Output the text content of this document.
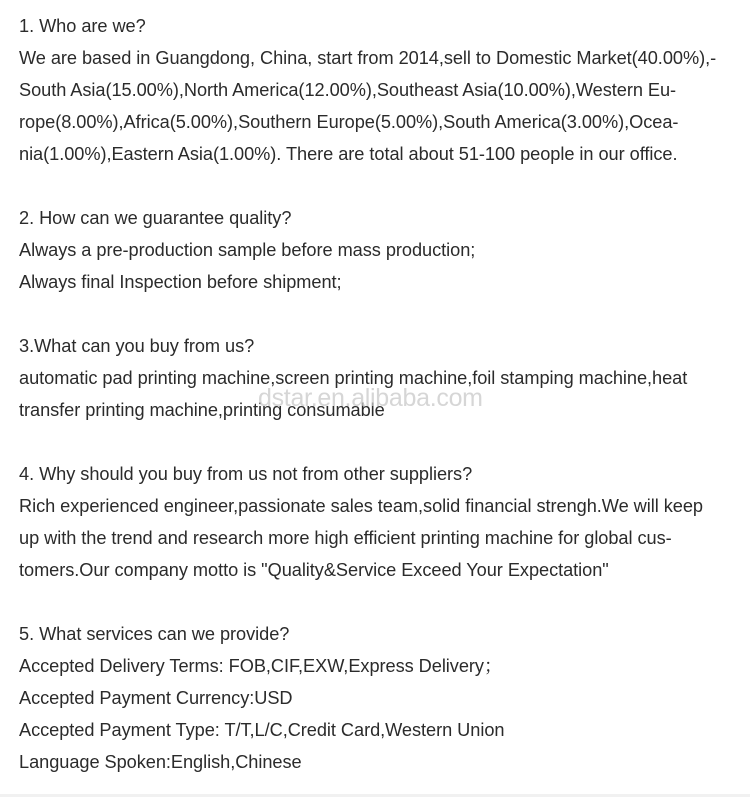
1. Who are we?
We are based in Guangdong, China, start from 2014,sell to Domestic Market(40.00%),-
South Asia(15.00%),North America(12.00%),Southeast Asia(10.00%),Western Eu-
rope(8.00%),Africa(5.00%),Southern Europe(5.00%),South America(3.00%),Ocea-
nia(1.00%),Eastern Asia(1.00%). There are total about 51-100 people in our office.
2. How can we guarantee quality?
Always a pre-production sample before mass production;
Always final Inspection before shipment;
3.What can you buy from us?
automatic pad printing machine,screen printing machine,foil stamping machine,heat
transfer printing machine,printing consumable
4. Why should you buy from us not from other suppliers?
Rich experienced engineer,passionate sales team,solid financial strengh.We will keep
up with the trend and research more high efficient printing machine for global cus-
tomers.Our company motto is "Quality&Service Exceed Your Expectation"
5. What services can we provide?
Accepted Delivery Terms: FOB,CIF,EXW,Express Delivery；
Accepted Payment Currency:USD
Accepted Payment Type: T/T,L/C,Credit Card,Western Union
Language Spoken:English,Chinese
dstar.en.alibaba.com
